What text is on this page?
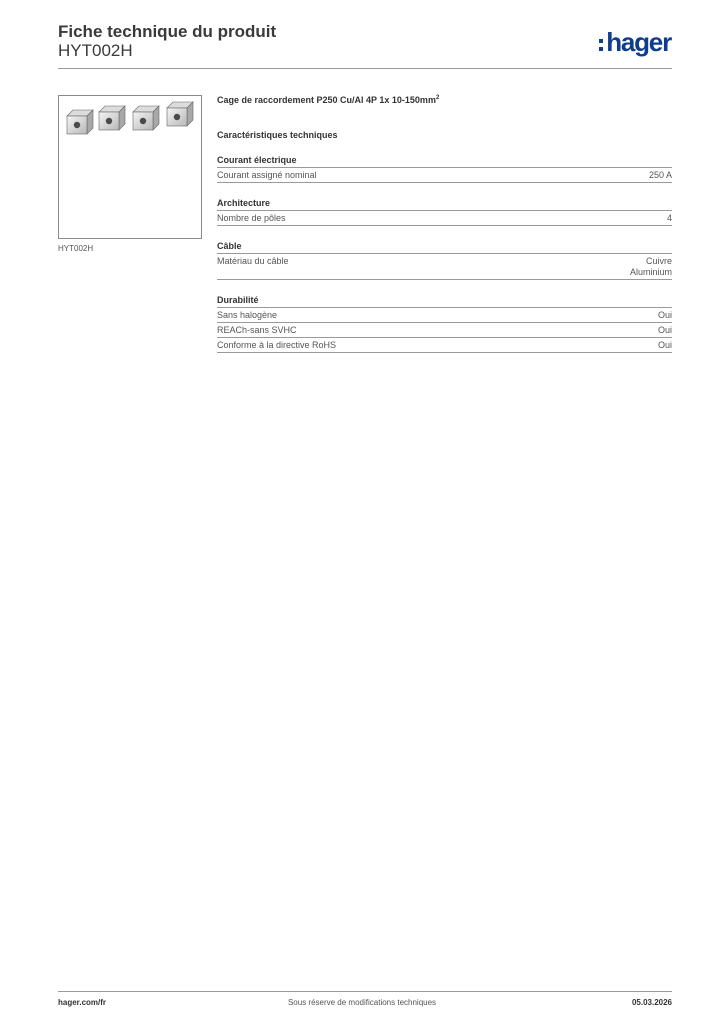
Fiche technique du produit
HYT002H	hager
HYT002H
Cage de raccordement P250 Cu/Al 4P 1x $10-150mm^2$
Caractéristiques techniques
Courant électrique
Courant assigné nominal	250 A
Architecture
Nombre de pôles	4
Câble
Matériau du câble	Cuivre
Aluminium
Durabilité
Sans halogène	Oui
REACh-sans SVHC	Oui
Conforme à la directive RoHS	Oui
hager.com/fr	Sous réserve de modifications techniques	05.03.2026
